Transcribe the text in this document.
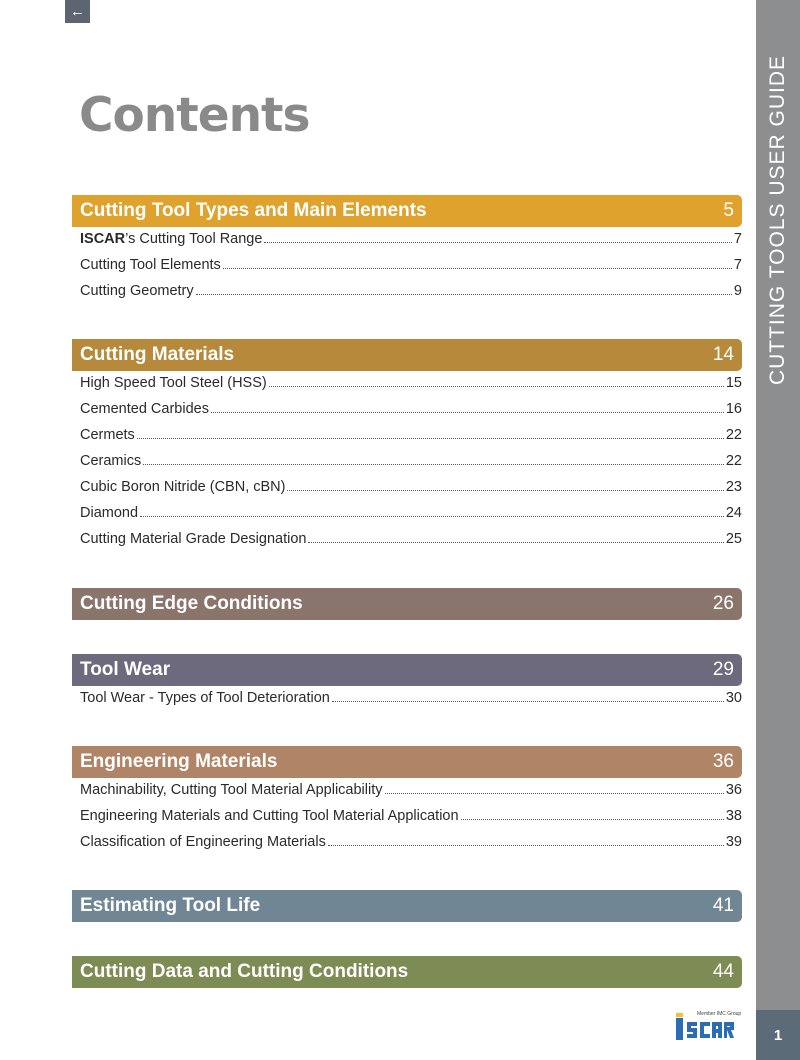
←
Contents
Cutting Tool Types and Main Elements	5
ISCAR’s Cutting Tool Range	7
Cutting Tool Elements	7
Cutting Geometry	9
Cutting Materials	14
High Speed Tool Steel (HSS)	15
Cemented Carbides	16
Cermets	22
Ceramics	22
Cubic Boron Nitride (CBN, cBN)	23
Diamond	24
Cutting Material Grade Designation	25
Cutting Edge Conditions	26
Tool Wear	29
Tool Wear - Types of Tool Deterioration	30
Engineering Materials	36
Machinability, Cutting Tool Material Applicability	36
Engineering Materials and Cutting Tool Material Application	38
Classification of Engineering Materials	39
Estimating Tool Life	41
Cutting Data and Cutting Conditions	44
CUTTING TOOLS USER GUIDE
1
Member IMC Group
